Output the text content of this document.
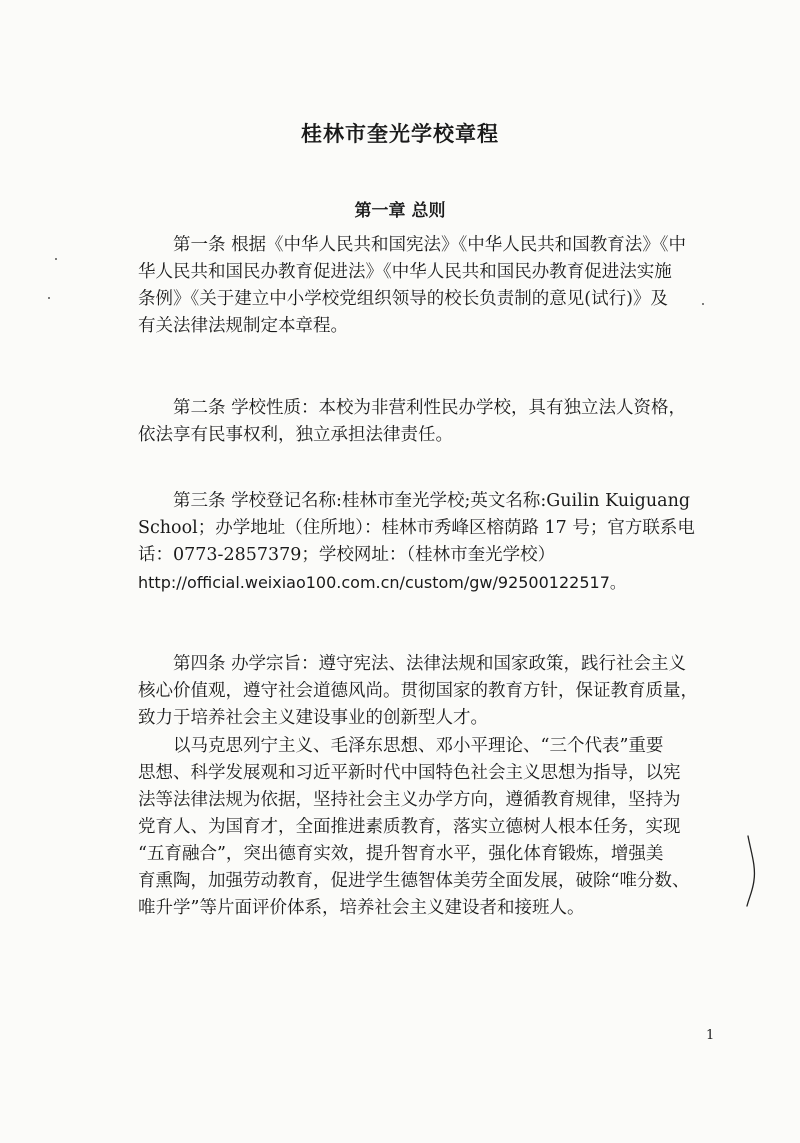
桂林市奎光学校章程
第一章 总则

第一条 根据《中华人民共和国宪法》《中华人民共和国教育法》《中
华人民共和国民办教育促进法》《中华人民共和国民办教育促进法实施
条例》《关于建立中小学校党组织领导的校长负责制的意见(试行)》及
有关法律法规制定本章程。

第二条 学校性质：本校为非营利性民办学校，具有独立法人资格，
依法享有民事权利，独立承担法律责任。

第三条 学校登记名称:桂林市奎光学校;英文名称:Guilin Kuiguang
School；办学地址（住所地）：桂林市秀峰区榕荫路 17 号；官方联系电
话：0773-2857379；学校网址：（桂林市奎光学校）
http://official.weixiao100.com.cn/custom/gw/92500122517。

第四条 办学宗旨：遵守宪法、法律法规和国家政策，践行社会主义
核心价值观，遵守社会道德风尚。贯彻国家的教育方针，保证教育质量，
致力于培养社会主义建设事业的创新型人才。

以马克思列宁主义、毛泽东思想、邓小平理论、“三个代表”重要
思想、科学发展观和习近平新时代中国特色社会主义思想为指导，以宪
法等法律法规为依据，坚持社会主义办学方向，遵循教育规律，坚持为
党育人、为国育才，全面推进素质教育，落实立德树人根本任务，实现
“五育融合”，突出德育实效，提升智育水平，强化体育锻炼，增强美
育熏陶，加强劳动教育，促进学生德智体美劳全面发展，破除“唯分数、
唯升学”等片面评价体系，培养社会主义建设者和接班人。

1
